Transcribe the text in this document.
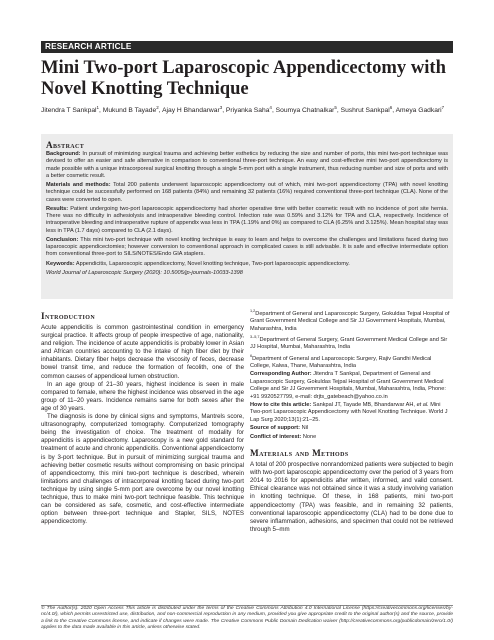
RESEARCH ARTICLE
Mini Two-port Laparoscopic Appendicectomy with Novel Knotting Technique
Jitendra T Sankpal$^1$, Mukund B Tayade$^2$, Ajay H Bhandarwar$^3$, Priyanka Saha$^4$, Soumya Chatnalkar$^5$, Sushrut Sankpal$^6$, Ameya Gadkari$^7$
Abstract

Background: In pursuit of minimizing surgical trauma and achieving better esthetics by reducing the size and number of ports, this mini two-port technique was devised to offer an easier and safe alternative in comparison to conventional three-port technique. An easy and cost-effective mini two-port appendicectomy is made possible with a unique intracorporeal surgical knotting through a single 5-mm port with a single instrument, thus reducing number and size of ports and with a better cosmetic result.

Materials and methods: Total 200 patients underwent laparoscopic appendicectomy out of which, mini two-port appendicectomy (TPA) with novel knotting technique could be successfully performed on 168 patients (84%) and remaining 32 patients (16%) required conventional three-port technique (CLA). None of the cases were converted to open.

Results: Patient undergoing two-port laparoscopic appendicectomy had shorter operative time with better cosmetic result with no incidence of port site hernia. There was no difficulty in adhesiolysis and intraoperative bleeding control. Infection rate was 0.59% and 3.12% for TPA and CLA, respectively. Incidence of intraoperative bleeding and intraoperative rupture of appendix was less in TPA (1.19% and 0%) as compared to CLA (6.25% and 3.125%). Mean hospital stay was less in TPA (1.7 days) compared to CLA (2.1 days).

Conclusion: This mini two-port technique with novel knotting technique is easy to learn and helps to overcome the challenges and limitations faced during two laparoscopic appendicectomies; however conversion to conventional approach in complicated cases is still advisable. It is safe and effective intermediate option from conventional three-port to SILS/NOTES/Endo GIA staplers.

Keywords: Appendicitis, Laparoscopic appendicectomy, Novel knotting technique, Two-port laparoscopic appendicectomy.

World Journal of Laparoscopic Surgery (2020): 10.5005/jp-journals-10033-1398

Introduction

Acute appendicitis is common gastrointestinal condition in emergency surgical practice. It affects group of people irrespective of age, nationality, and religion. The incidence of acute appendicitis is probably lower in Asian and African countries accounting to the intake of high fiber diet by their inhabitants. Dietary fiber helps decrease the viscosity of feces, decrease bowel transit time, and reduce the formation of fecolith, one of the common causes of appendiceal lumen obstruction.

In an age group of 21–30 years, highest incidence is seen in male compared to female, where the highest incidence was observed in the age group of 11–20 years. Incidence remains same for both sexes after the age of 30 years.

The diagnosis is done by clinical signs and symptoms, Mantrels score, ultrasonography, computerized tomography. Computerized tomography being the investigation of choice. The treatment of modality for appendicitis is appendicectomy. Laparoscopy is a new gold standard for treatment of acute and chronic appendicitis. Conventional appendicectomy is by 3-port technique. But in pursuit of minimizing surgical trauma and achieving better cosmetic results without compromising on basic principal of appendicectomy, this mini two-port technique is described, wherein limitations and challenges of intracorporeal knotting faced during two-port technique by using single 5-mm port are overcome by our novel knotting technique, thus to make mini two-port technique feasible. This technique can be considered as safe, cosmetic, and cost-effective intermediate option between three-port technique and Stapler, SILS, NOTES appendicectomy.

$^{1,2}$Department of General and Laparoscopic Surgery, Gokuldas Tejpal Hospital of Grant Government Medical College and Sir JJ Government Hospitals, Mumbai, Maharashtra, India
$^{3-5,7}$Department of General Surgery, Grant Government Medical College and Sir JJ Hospital, Mumbai, Maharashtra, India
$^6$Department of General and Laparoscopic Surgery, Rajiv Gandhi Medical College, Kalwa, Thane, Maharashtra, India
Corresponding Author: Jitendra T Sankpal, Department of General and Laparoscopic Surgery, Gokuldas Tejpal Hospital of Grant Government Medical College and Sir JJ Government Hospitals, Mumbai, Maharashtra, India, Phone: +91 9920527799, e-mail: drjts_gatebeach@yahoo.co.in
How to cite this article: Sankpal JT, Tayade MB, Bhandarwar AH, et al. Mini Two-port Laparoscopic Appendicectomy with Novel Knotting Technique. World J Lap Surg 2020;13(1):21–25.
Source of support: Nil
Conflict of interest: None
Materials and Methods

A total of 200 prospective nonrandomized patients were subjected to begin with two-port laparoscopic appendicectomy over the period of 3 years from 2014 to 2016 for appendicitis after written, informed, and valid consent. Ethical clearance was not obtained since it was a study involving variation in knotting technique. Of these, in 168 patients, mini two-port appendicectomy (TPA) was feasible, and in remaining 32 patients, conventional laparoscopic appendicectomy (CLA) had to be done due to severe inflammation, adhesions, and specimen that could not be retrieved through 5–mm

© The Author(s). 2020 Open Access This article is distributed under the terms of the Creative Commons Attribution 4.0 International License (https://creativecommons.org/licenses/by-nc/4.0/), which permits unrestricted use, distribution, and non-commercial reproduction in any medium, provided you give appropriate credit to the original author(s) and the source, provide a link to the Creative Commons license, and indicate if changes were made. The Creative Commons Public Domain Dedication waiver (http://creativecommons.org/publicdomain/zero/1.0/) applies to the data made available in this article, unless otherwise stated.
